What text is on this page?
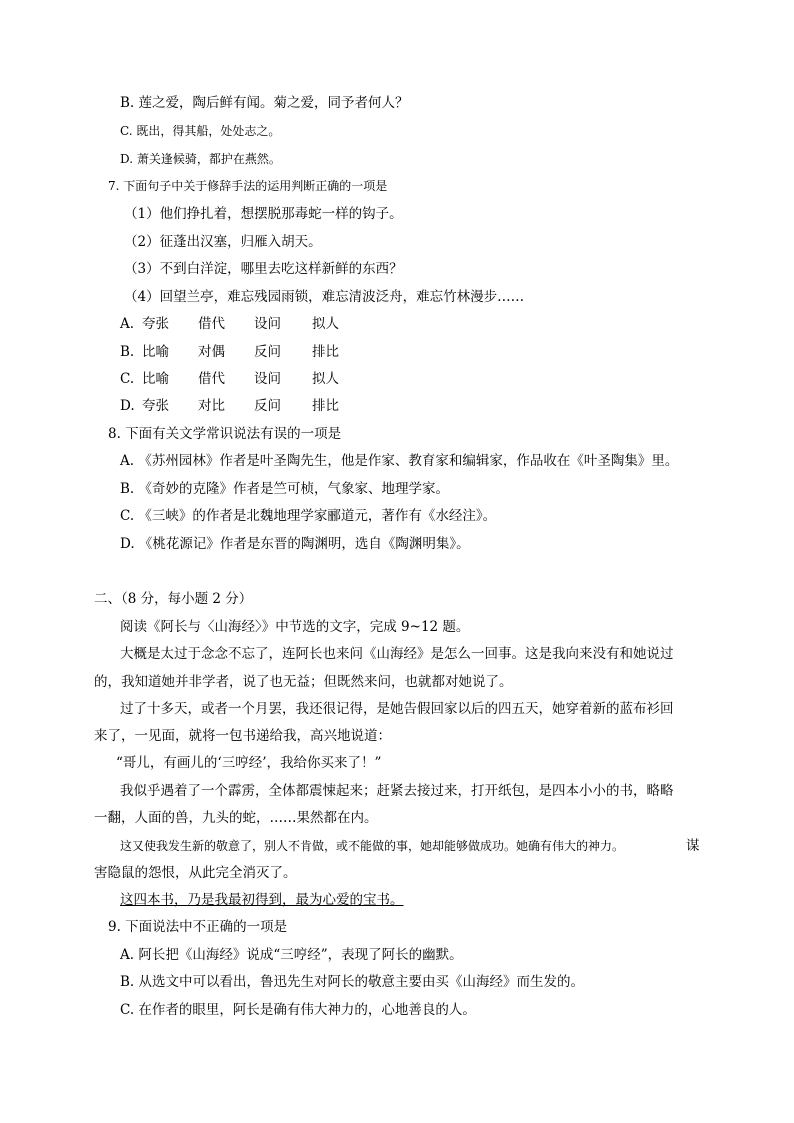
B. 莲之爱，陶后鲜有闻。菊之爱，同予者何人？
C. 既出，得其船，处处志之。
D. 萧关逢候骑，都护在燕然。
7. 下面句子中关于修辞手法的运用判断正确的一项是
（1）他们挣扎着，想摆脱那毒蛇一样的钩子。
（2）征蓬出汉塞，归雁入胡天。
（3）不到白洋淀，哪里去吃这样新鲜的东西？
（4）回望兰亭，难忘残园雨锁，难忘清波泛舟，难忘竹林漫步……
A. 夸张 借代 设问 拟人
B. 比喻 对偶 反问 排比
C. 比喻 借代 设问 拟人
D. 夸张 对比 反问 排比
8. 下面有关文学常识说法有误的一项是
A. 《苏州园林》作者是叶圣陶先生，他是作家、教育家和编辑家，作品收在《叶圣陶集》里。
B. 《奇妙的克隆》作者是竺可桢，气象家、地理学家。
C. 《三峡》的作者是北魏地理学家郦道元，著作有《水经注》。
D. 《桃花源记》作者是东晋的陶渊明，选自《陶渊明集》。
二、（8 分，每小题 2 分）
阅读《阿长与〈山海经〉》中节选的文字，完成 9~12 题。
大概是太过于念念不忘了，连阿长也来问《山海经》是怎么一回事。这是我向来没有和她说过
的，我知道她并非学者，说了也无益；但既然来问，也就都对她说了。
过了十多天，或者一个月罢，我还很记得，是她告假回家以后的四五天，她穿着新的蓝布衫回
来了，一见面，就将一包书递给我，高兴地说道：
“哥儿，有画儿的‘三哼经’，我给你买来了！”
我似乎遇着了一个霹雳，全体都震悚起来；赶紧去接过来，打开纸包，是四本小小的书，略略
一翻，人面的兽，九头的蛇，……果然都在内。
这又使我发生新的敬意了，别人不肯做，或不能做的事，她却能够做成功。她确有伟大的神力。	谋
害隐鼠的怨恨，从此完全消灭了。
这四本书，乃是我最初得到，最为心爱的宝书。
9. 下面说法中不正确的一项是
A. 阿长把《山海经》说成“三哼经”，表现了阿长的幽默。
B. 从选文中可以看出，鲁迅先生对阿长的敬意主要由买《山海经》而生发的。
C. 在作者的眼里，阿长是确有伟大神力的，心地善良的人。
